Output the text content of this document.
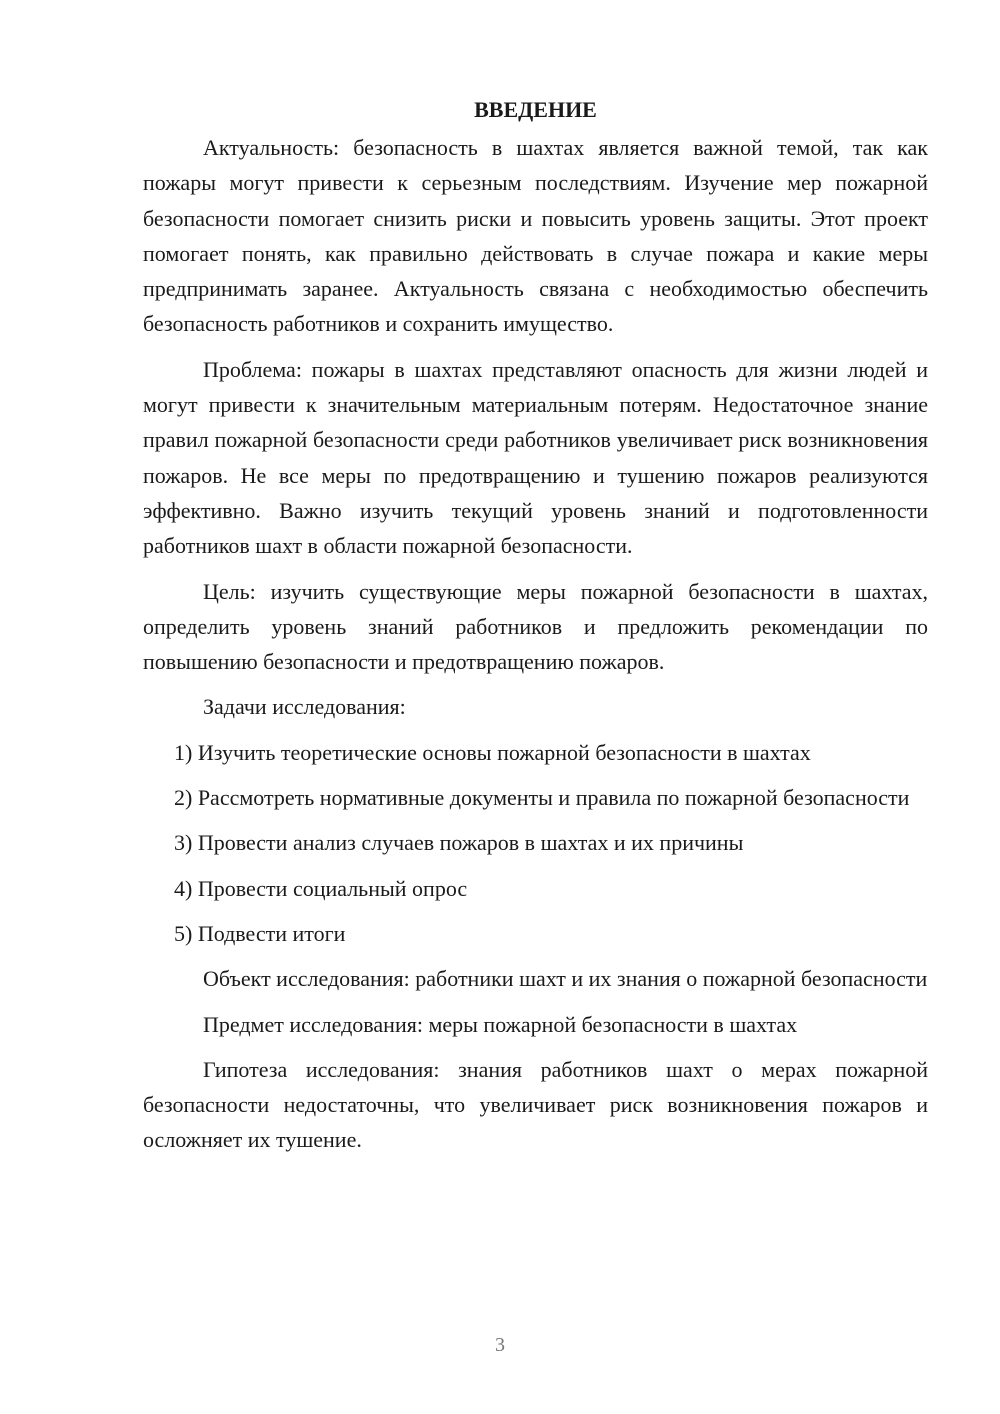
ВВЕДЕНИЕ

Актуальность: безопасность в шахтах является важной темой, так как пожары могут привести к серьезным последствиям. Изучение мер пожарной безопасности помогает снизить риски и повысить уровень защиты. Этот проект помогает понять, как правильно действовать в случае пожара и какие меры предпринимать заранее. Актуальность связана с необходимостью обеспечить безопасность работников и сохранить имущество.

Проблема: пожары в шахтах представляют опасность для жизни людей и могут привести к значительным материальным потерям. Недостаточное знание правил пожарной безопасности среди работников увеличивает риск возникновения пожаров. Не все меры по предотвращению и тушению пожаров реализуются эффективно. Важно изучить текущий уровень знаний и подготовленности работников шахт в области пожарной безопасности.

Цель: изучить существующие меры пожарной безопасности в шахтах, определить уровень знаний работников и предложить рекомендации по повышению безопасности и предотвращению пожаров.

Задачи исследования:

1) Изучить теоретические основы пожарной безопасности в шахтах

2) Рассмотреть нормативные документы и правила по пожарной безопасности

3) Провести анализ случаев пожаров в шахтах и их причины

4) Провести социальный опрос

5) Подвести итоги

Объект исследования: работники шахт и их знания о пожарной безопасности

Предмет исследования: меры пожарной безопасности в шахтах

Гипотеза исследования: знания работников шахт о мерах пожарной безопасности недостаточны, что увеличивает риск возникновения пожаров и осложняет их тушение.

3
